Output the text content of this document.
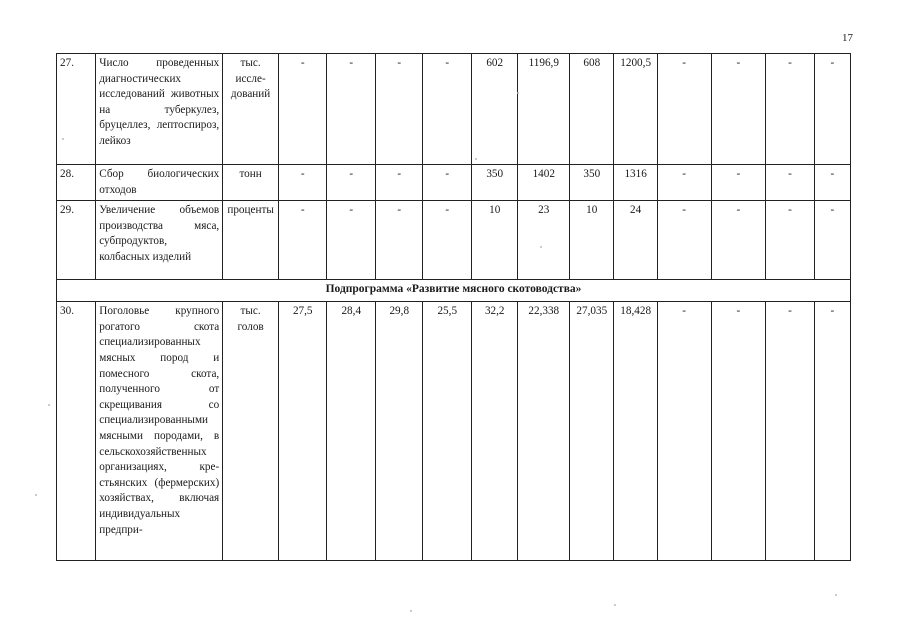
17
27.	Число проведенных диагностических исследований животных на туберкулез, бруцеллез, лептоспироз, лейкоз	тыс. исследований	-	-	-	-	602	1196,9	608	1200,5	-	-	-	-
28.	Сбор биологических отходов	тонн	-	-	-	-	350	1402	350	1316	-	-	-	-
29.	Увеличение объемов производства мяса, субпродуктов, колбасных изделий	проценты	-	-	-	-	10	23	10	24	-	-	-	-
Подпрограмма «Развитие мясного скотоводства»														
30.	Поголовье крупного рогатого скота специализированных мясных пород и помесного скота, полученного от скрещивания со специализированными мясными породами, в сельскохозяйственных организациях, крестьянских (фермерских) хозяйствах, включая индивидуальных предпри-	тыс. голов	27,5	28,4	29,8	25,5	32,2	22,338	27,035	18,428	-	-	-	-
